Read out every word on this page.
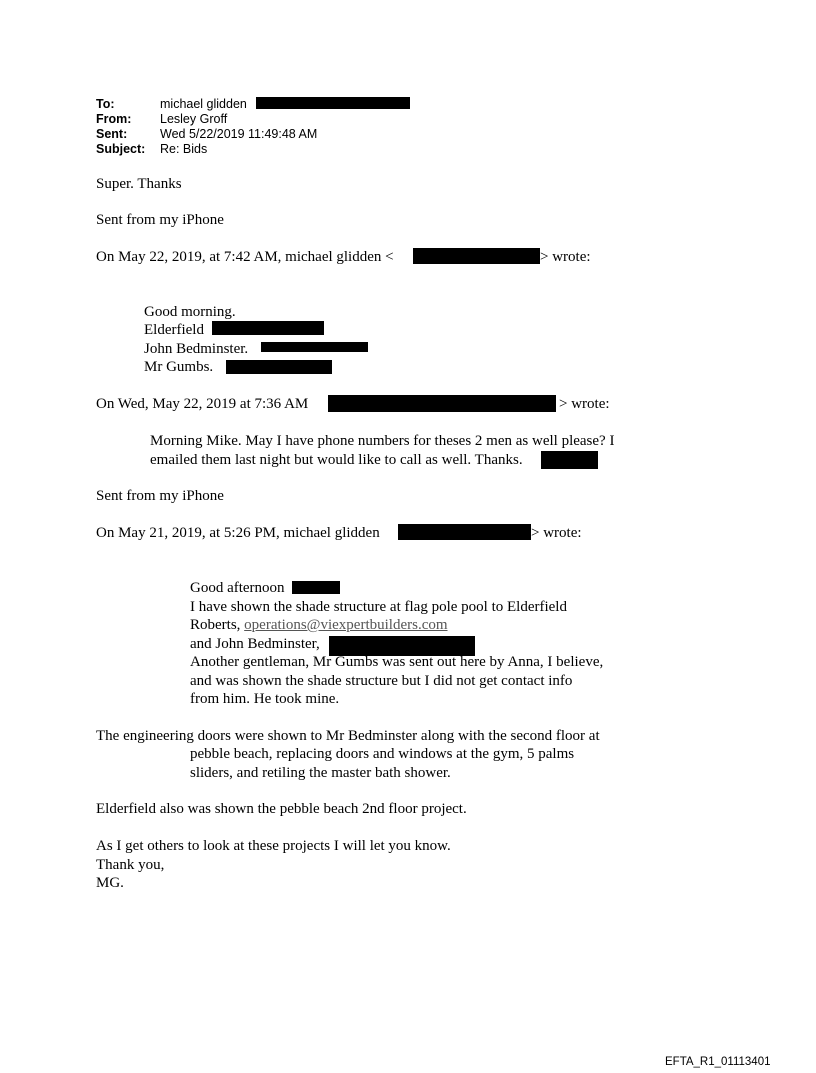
To:	michael glidden
From: Lesley Groff
Sent:	Wed 5/22/2019 11:49:48 AM
Subject: Re: Bids
Super. Thanks
Sent from my iPhone
On May 22, 2019, at 7:42 AM, michael glidden <	> wrote:
Good morning.
Elderfield
John Bedminster.
Mr Gumbs.
On Wed, May 22, 2019 at 7:36 AM	> wrote:
Morning Mike. May I have phone numbers for theses 2 men as well please? I
emailed them last night but would like to call as well. Thanks.
Sent from my iPhone
On May 21, 2019, at 5:26 PM, michael glidden	> wrote:
Good afternoon
I have shown the shade structure at flag pole pool to Elderfield
Roberts, operations@viexpertbuilders.com
and John Bedminster,
Another gentleman, Mr Gumbs was sent out here by Anna, I believe,
and was shown the shade structure but I did not get contact info
from him. He took mine.
The engineering doors were shown to Mr Bedminster along with the second floor at
pebble beach, replacing doors and windows at the gym, 5 palms
sliders, and retiling the master bath shower.
Elderfield also was shown the pebble beach 2nd floor project.
As I get others to look at these projects I will let you know.
Thank you,
MG.
EFTA_R1_01113401
